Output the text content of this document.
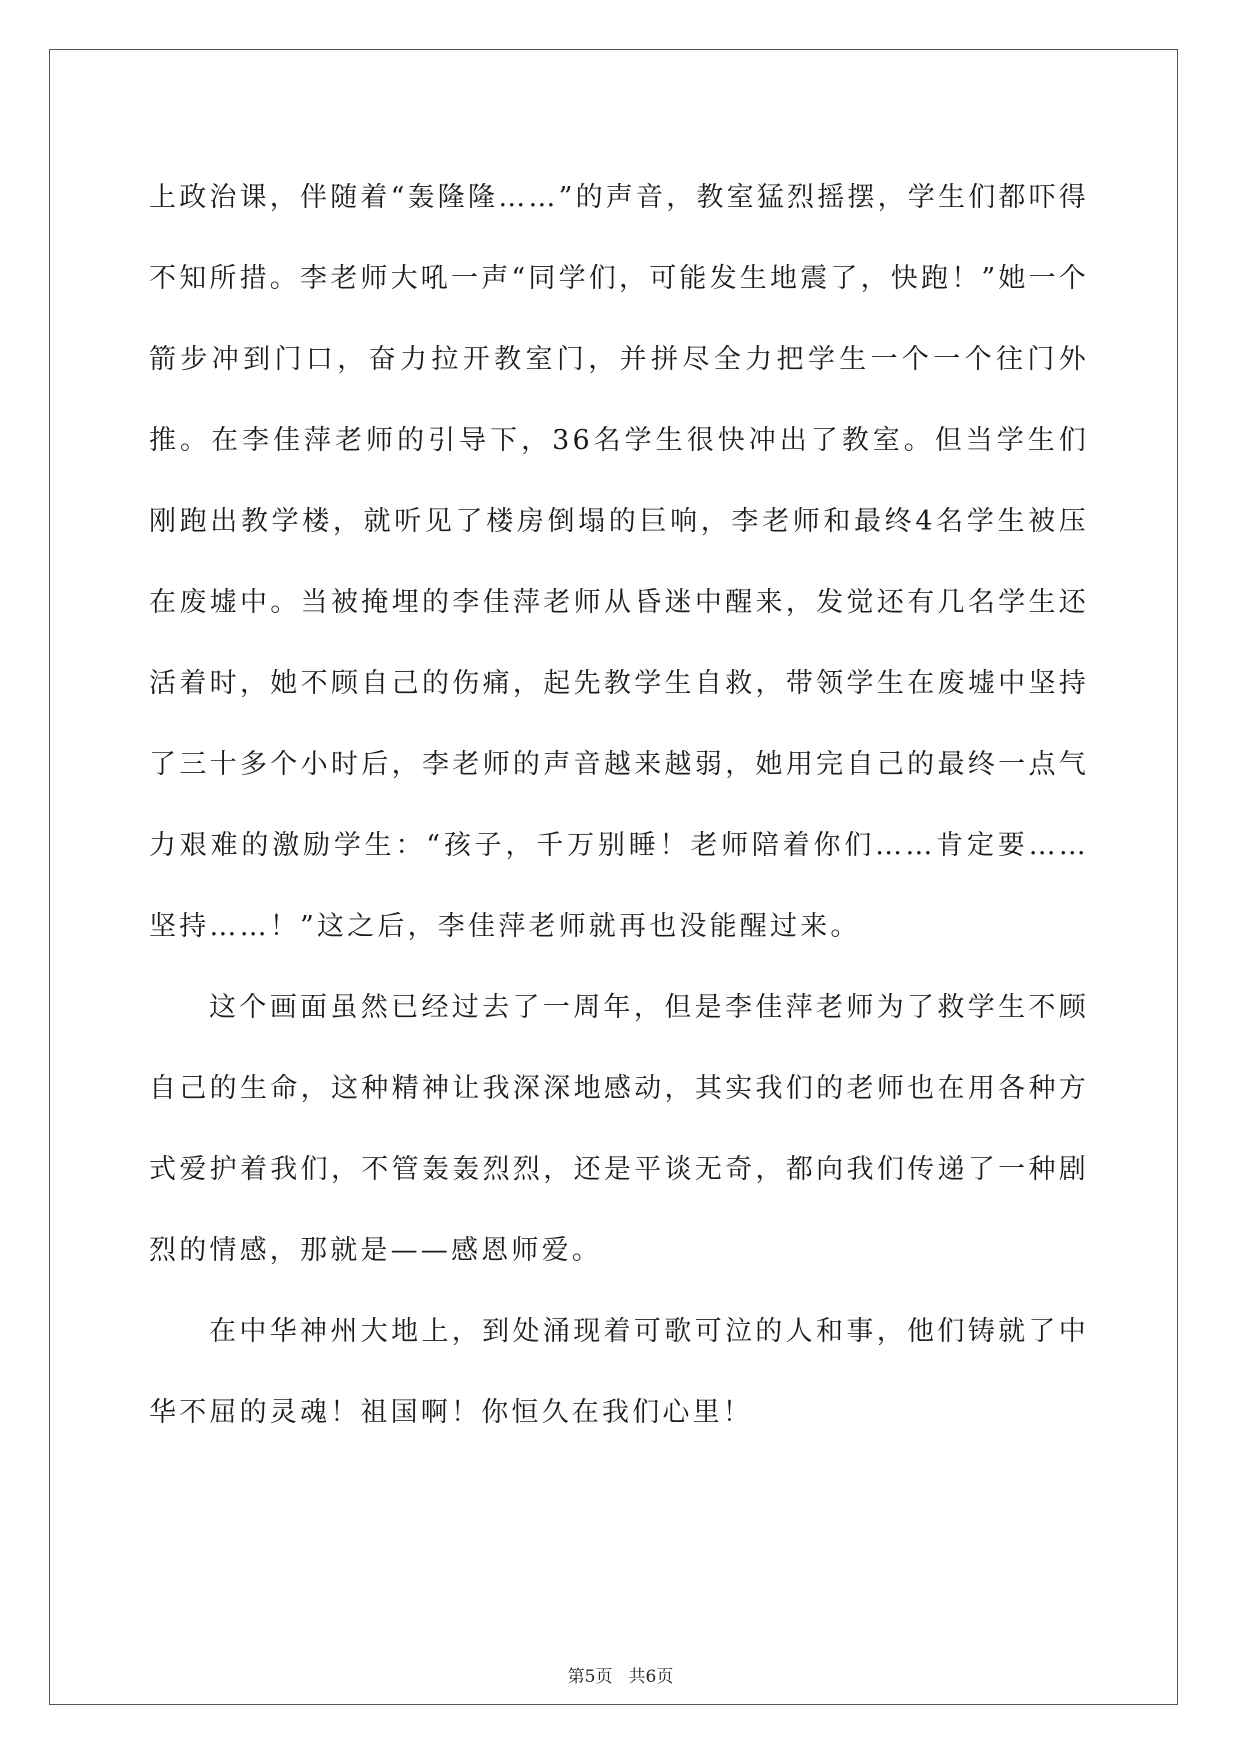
上政治课，伴随着“轰隆隆……”的声音，教室猛烈摇摆，学生们都吓得不知所措。李老师大吼一声“同学们，可能发生地震了，快跑！”她一个箭步冲到门口，奋力拉开教室门，并拼尽全力把学生一个一个往门外推。在李佳萍老师的引导下，36名学生很快冲出了教室。但当学生们刚跑出教学楼，就听见了楼房倒塌的巨响，李老师和最终4名学生被压在废墟中。当被掩埋的李佳萍老师从昏迷中醒来，发觉还有几名学生还活着时，她不顾自己的伤痛，起先教学生自救，带领学生在废墟中坚持了三十多个小时后，李老师的声音越来越弱，她用完自己的最终一点气力艰难的激励学生：“孩子，千万别睡！老师陪着你们……肯定要……坚持……！”这之后，李佳萍老师就再也没能醒过来。

这个画面虽然已经过去了一周年，但是李佳萍老师为了救学生不顾自己的生命，这种精神让我深深地感动，其实我们的老师也在用各种方式爱护着我们，不管轰轰烈烈，还是平谈无奇，都向我们传递了一种剧烈的情感，那就是——感恩师爱。

在中华神州大地上，到处涌现着可歌可泣的人和事，他们铸就了中华不屈的灵魂！祖国啊！你恒久在我们心里！

第5页 共6页
